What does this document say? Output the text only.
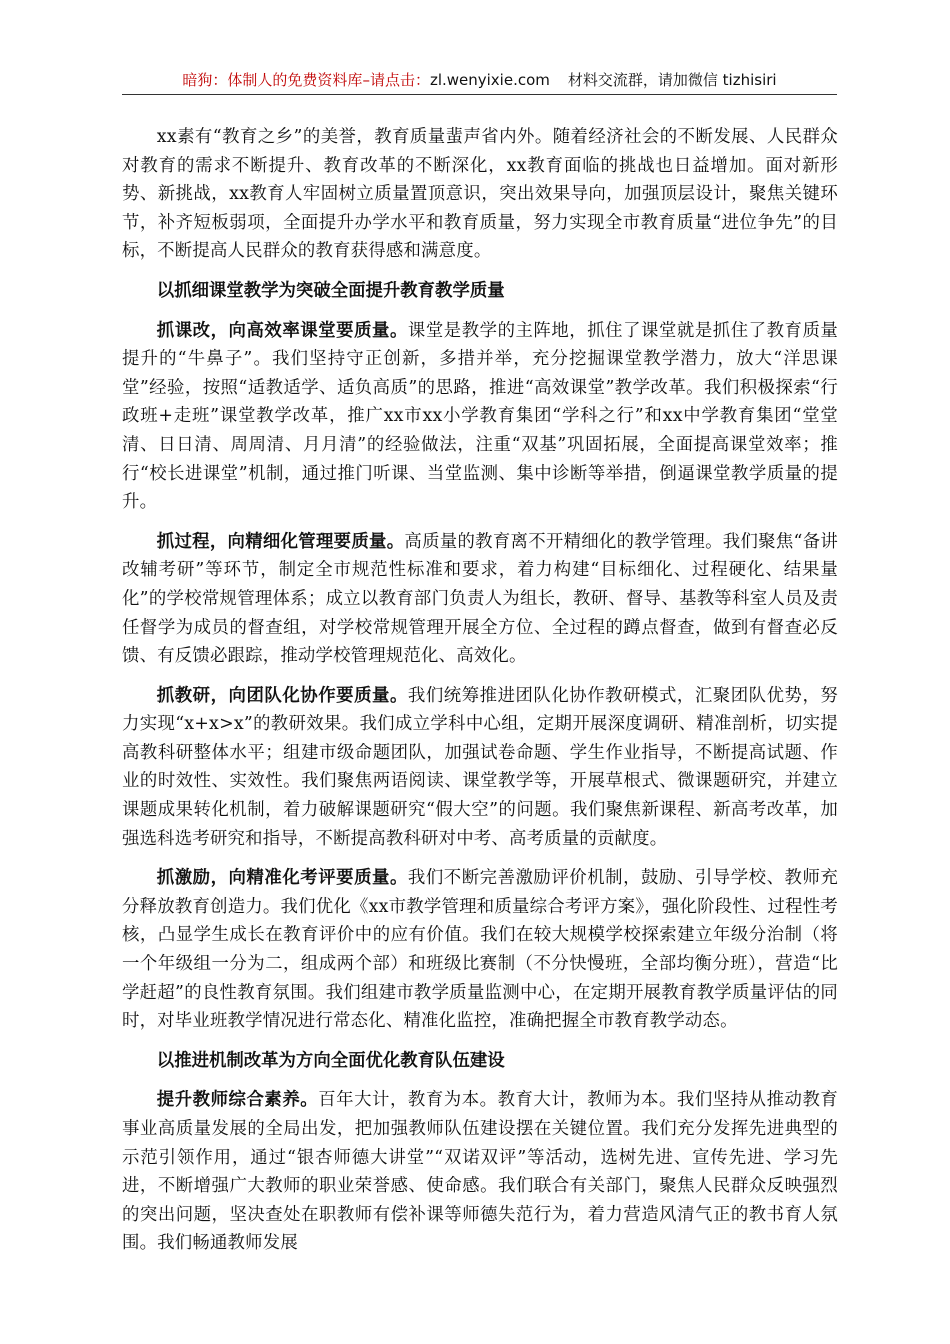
暗狗：体制人的免费资料库–请点击：zl.wenyixie.com 材料交流群，请加微信 tizhisiri

xx素有“教育之乡”的美誉，教育质量蜚声省内外。随着经济社会的不断发展、人民群众对教育的需求不断提升、教育改革的不断深化，xx教育面临的挑战也日益增加。面对新形势、新挑战，xx教育人牢固树立质量置顶意识，突出效果导向，加强顶层设计，聚焦关键环节，补齐短板弱项，全面提升办学水平和教育质量，努力实现全市教育质量“进位争先”的目标，不断提高人民群众的教育获得感和满意度。

以抓细课堂教学为突破全面提升教育教学质量

抓课改，向高效率课堂要质量。课堂是教学的主阵地，抓住了课堂就是抓住了教育质量提升的“牛鼻子”。我们坚持守正创新，多措并举，充分挖掘课堂教学潜力，放大“洋思课堂”经验，按照“适教适学、适负高质”的思路，推进“高效课堂”教学改革。我们积极探索“行政班+走班”课堂教学改革，推广xx市xx小学教育集团“学科之行”和xx中学教育集团“堂堂清、日日清、周周清、月月清”的经验做法，注重“双基”巩固拓展，全面提高课堂效率；推行“校长进课堂”机制，通过推门听课、当堂监测、集中诊断等举措，倒逼课堂教学质量的提升。

抓过程，向精细化管理要质量。高质量的教育离不开精细化的教学管理。我们聚焦“备讲改辅考研”等环节，制定全市规范性标准和要求，着力构建“目标细化、过程硬化、结果量化”的学校常规管理体系；成立以教育部门负责人为组长，教研、督导、基教等科室人员及责任督学为成员的督查组，对学校常规管理开展全方位、全过程的蹲点督查，做到有督查必反馈、有反馈必跟踪，推动学校管理规范化、高效化。

抓教研，向团队化协作要质量。我们统筹推进团队化协作教研模式，汇聚团队优势，努力实现“x+x>x”的教研效果。我们成立学科中心组，定期开展深度调研、精准剖析，切实提高教科研整体水平；组建市级命题团队，加强试卷命题、学生作业指导，不断提高试题、作业的时效性、实效性。我们聚焦两语阅读、课堂教学等，开展草根式、微课题研究，并建立课题成果转化机制，着力破解课题研究“假大空”的问题。我们聚焦新课程、新高考改革，加强选科选考研究和指导，不断提高教科研对中考、高考质量的贡献度。

抓激励，向精准化考评要质量。我们不断完善激励评价机制，鼓励、引导学校、教师充分释放教育创造力。我们优化《xx市教学管理和质量综合考评方案》，强化阶段性、过程性考核，凸显学生成长在教育评价中的应有价值。我们在较大规模学校探索建立年级分治制（将一个年级组一分为二，组成两个部）和班级比赛制（不分快慢班，全部均衡分班），营造“比学赶超”的良性教育氛围。我们组建市教学质量监测中心，在定期开展教育教学质量评估的同时，对毕业班教学情况进行常态化、精准化监控，准确把握全市教育教学动态。

以推进机制改革为方向全面优化教育队伍建设

提升教师综合素养。百年大计，教育为本。教育大计，教师为本。我们坚持从推动教育事业高质量发展的全局出发，把加强教师队伍建设摆在关键位置。我们充分发挥先进典型的示范引领作用，通过“银杏师德大讲堂”“双诺双评”等活动，选树先进、宣传先进、学习先进，不断增强广大教师的职业荣誉感、使命感。我们联合有关部门，聚焦人民群众反映强烈的突出问题，坚决查处在职教师有偿补课等师德失范行为，着力营造风清气正的教书育人氛围。我们畅通教师发展
